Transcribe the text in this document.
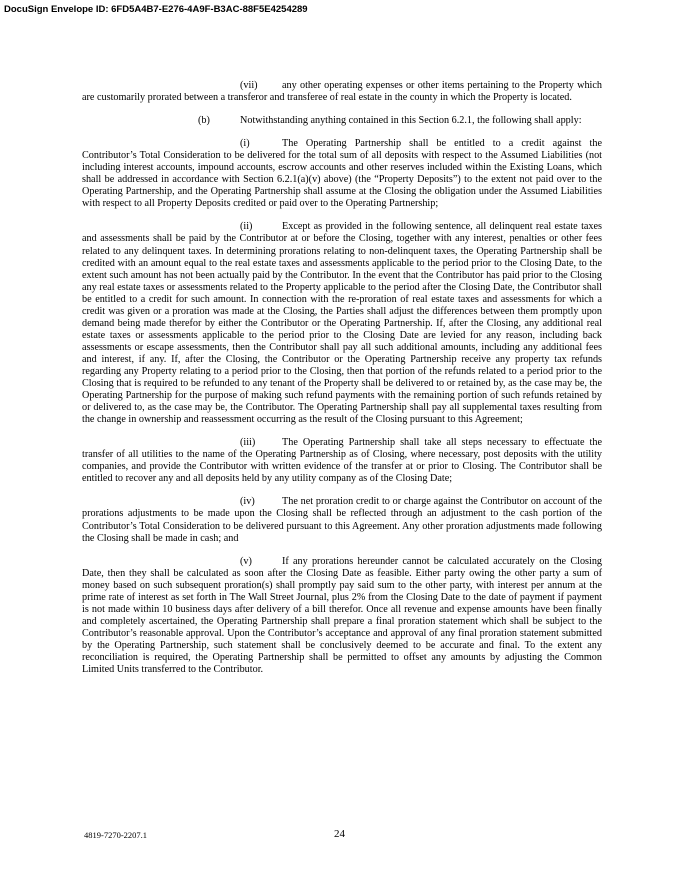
DocuSign Envelope ID: 6FD5A4B7-E276-4A9F-B3AC-88F5E4254289

(vii) any other operating expenses or other items pertaining to the Property which are customarily prorated between a transferor and transferee of real estate in the county in which the Property is located.

(b)	Notwithstanding anything contained in this Section 6.2.1, the following shall apply:

(i)	The Operating Partnership shall be entitled to a credit against the Contributor’s Total Consideration to be delivered for the total sum of all deposits with respect to the Assumed Liabilities (not including interest accounts, impound accounts, escrow accounts and other reserves included within the Existing Loans, which shall be addressed in accordance with Section 6.2.1(a)(v) above) (the “Property Deposits”) to the extent not paid over to the Operating Partnership, and the Operating Partnership shall assume at the Closing the obligation under the Assumed Liabilities with respect to all Property Deposits credited or paid over to the Operating Partnership;

(ii)	Except as provided in the following sentence, all delinquent real estate taxes and assessments shall be paid by the Contributor at or before the Closing, together with any interest, penalties or other fees related to any delinquent taxes. In determining prorations relating to non-delinquent taxes, the Operating Partnership shall be credited with an amount equal to the real estate taxes and assessments applicable to the period prior to the Closing Date, to the extent such amount has not been actually paid by the Contributor. In the event that the Contributor has paid prior to the Closing any real estate taxes or assessments related to the Property applicable to the period after the Closing Date, the Contributor shall be entitled to a credit for such amount. In connection with the re-proration of real estate taxes and assessments for which a credit was given or a proration was made at the Closing, the Parties shall adjust the differences between them promptly upon demand being made therefor by either the Contributor or the Operating Partnership. If, after the Closing, any additional real estate taxes or assessments applicable to the period prior to the Closing Date are levied for any reason, including back assessments or escape assessments, then the Contributor shall pay all such additional amounts, including any additional fees and interest, if any. If, after the Closing, the Contributor or the Operating Partnership receive any property tax refunds regarding any Property relating to a period prior to the Closing, then that portion of the refunds related to a period prior to the Closing that is required to be refunded to any tenant of the Property shall be delivered to or retained by, as the case may be, the Operating Partnership for the purpose of making such refund payments with the remaining portion of such refunds retained by or delivered to, as the case may be, the Contributor. The Operating Partnership shall pay all supplemental taxes resulting from the change in ownership and reassessment occurring as the result of the Closing pursuant to this Agreement;

(iii)	The Operating Partnership shall take all steps necessary to effectuate the transfer of all utilities to the name of the Operating Partnership as of Closing, where necessary, post deposits with the utility companies, and provide the Contributor with written evidence of the transfer at or prior to Closing. The Contributor shall be entitled to recover any and all deposits held by any utility company as of the Closing Date;

(iv)	The net proration credit to or charge against the Contributor on account of the prorations adjustments to be made upon the Closing shall be reflected through an adjustment to the cash portion of the Contributor’s Total Consideration to be delivered pursuant to this Agreement. Any other proration adjustments made following the Closing shall be made in cash; and

(v)	If any prorations hereunder cannot be calculated accurately on the Closing Date, then they shall be calculated as soon after the Closing Date as feasible. Either party owing the other party a sum of money based on such subsequent proration(s) shall promptly pay said sum to the other party, with interest per annum at the prime rate of interest as set forth in The Wall Street Journal, plus 2% from the Closing Date to the date of payment if payment is not made within 10 business days after delivery of a bill therefor. Once all revenue and expense amounts have been finally and completely ascertained, the Operating Partnership shall prepare a final proration statement which shall be subject to the Contributor’s reasonable approval. Upon the Contributor’s acceptance and approval of any final proration statement submitted by the Operating Partnership, such statement shall be conclusively deemed to be accurate and final. To the extent any reconciliation is required, the Operating Partnership shall be permitted to offset any amounts by adjusting the Common Limited Units transferred to the Contributor.

4819-7270-2207.1	24
